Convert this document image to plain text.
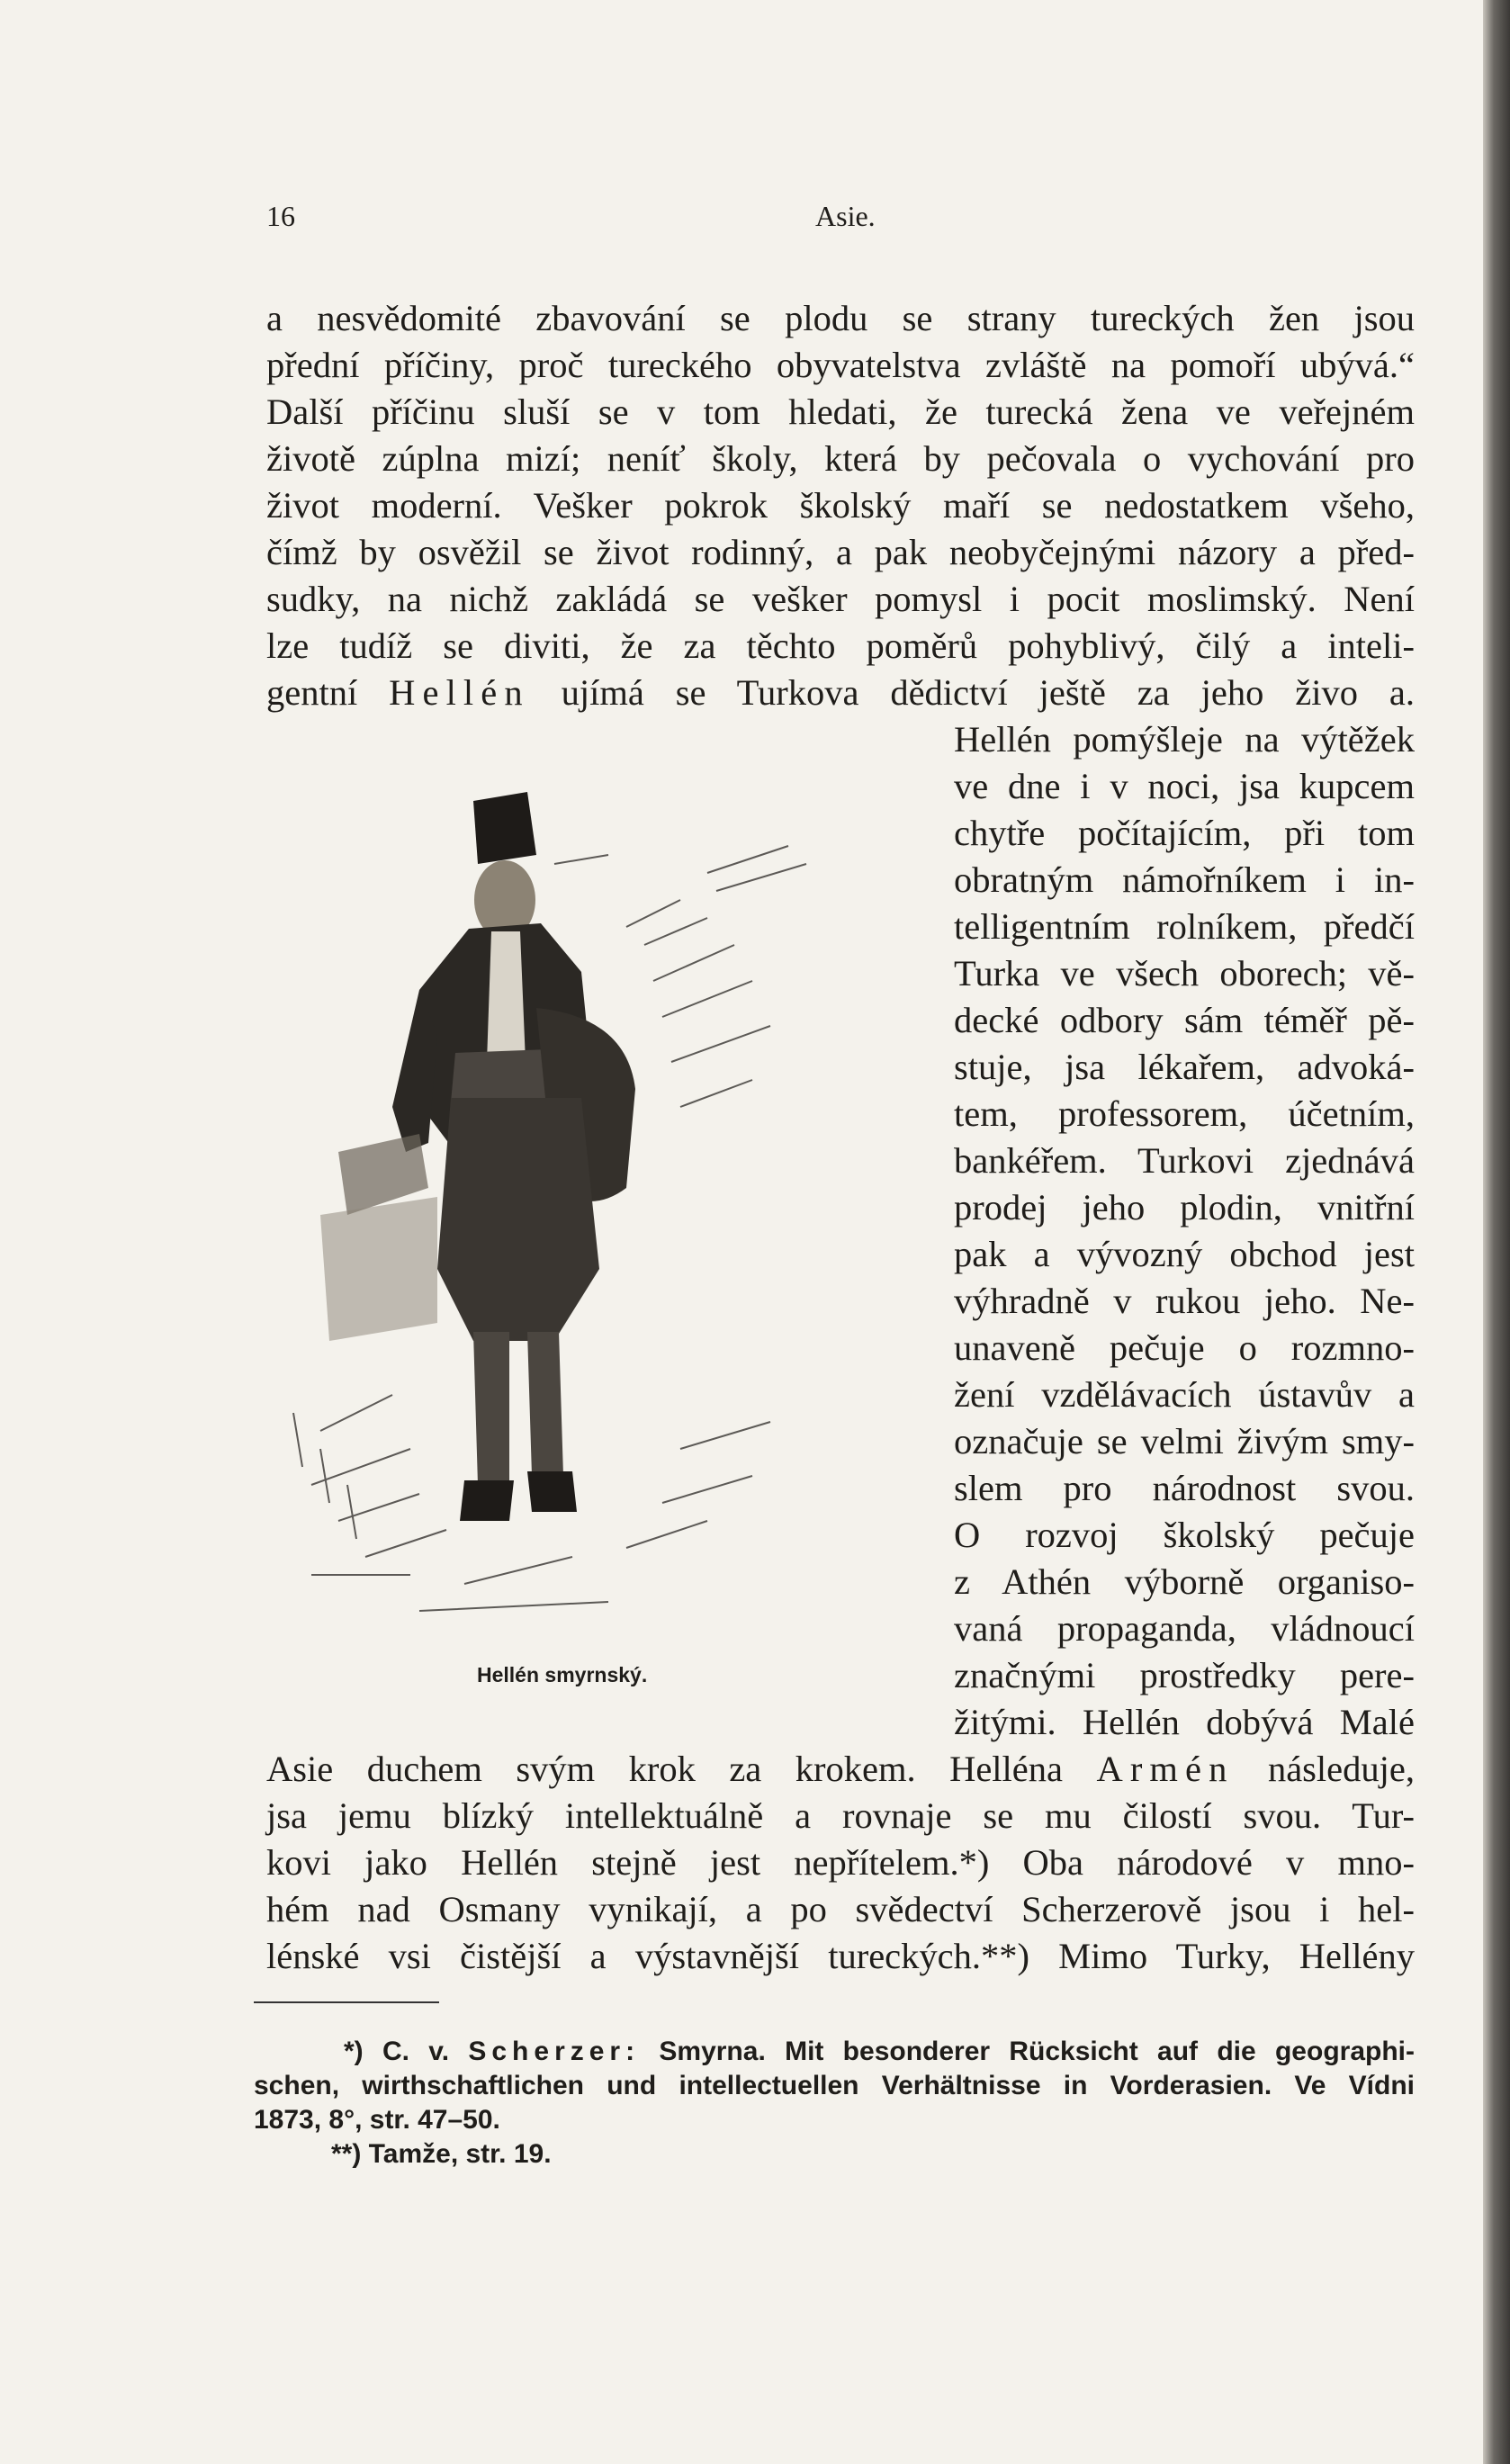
16	Asie.
a nesvědomité zbavování se plodu se strany tureckých žen jsou
přední příčiny, proč tureckého obyvatelstva zvláště na pomoří ubývá.“
Další příčinu sluší se v tom hledati, že turecká žena ve veřejném
životě zúplna mizí; neníť školy, která by pečovala o vychování pro
život moderní. Vešker pokrok školský maří se nedostatkem všeho,
čímž by osvěžil se život rodinný, a pak neobyčejnými názory a před-
sudky, na nichž zakládá se vešker pomysl i pocit moslimský. Není
lze tudíž se diviti, že za těchto poměrů pohyblivý, čilý a inteli-
gentní Hellén ujímá se Turkova dědictví ještě za jeho živo a.
Hellén pomýšleje na výtěžek
ve dne i v noci, jsa kupcem
chytře počítajícím, při tom
obratným námořníkem i in-
telligentním rolníkem, předčí
Turka ve všech oborech; vě-
decké odbory sám téměř pě-
stuje, jsa lékařem, advoká-
tem, professorem, účetním,
bankéřem. Turkovi zjednává
prodej jeho plodin, vnitřní
pak a vývozný obchod jest
výhradně v rukou jeho. Ne-
unaveně pečuje o rozmno-
žení vzdělávacích ústavův a
označuje se velmi živým smy-
slem pro národnost svou.
O rozvoj školský pečuje
z Athén výborně organiso-
vaná propaganda, vládnoucí
značnými prostředky pere-
žitými. Hellén dobývá Malé
Hellén smyrnský.
Asie duchem svým krok za krokem. Helléna Armén následuje,
jsa jemu blízký intellektuálně a rovnaje se mu čilostí svou. Tur-
kovi jako Hellén stejně jest nepřítelem.*) Oba národové v mno-
hém nad Osmany vynikají, a po svědectví Scherzerově jsou i hel-
lénské vsi čistější a výstavnější tureckých.**) Mimo Turky, Hellény
*) C. v. Scherzer: Smyrna. Mit besonderer Rücksicht auf die geographi-
schen, wirthschaftlichen und intellectuellen Verhältnisse in Vorderasien. Ve Vídni
1873, 8°, str. 47–50.
**) Tamže, str. 19.
